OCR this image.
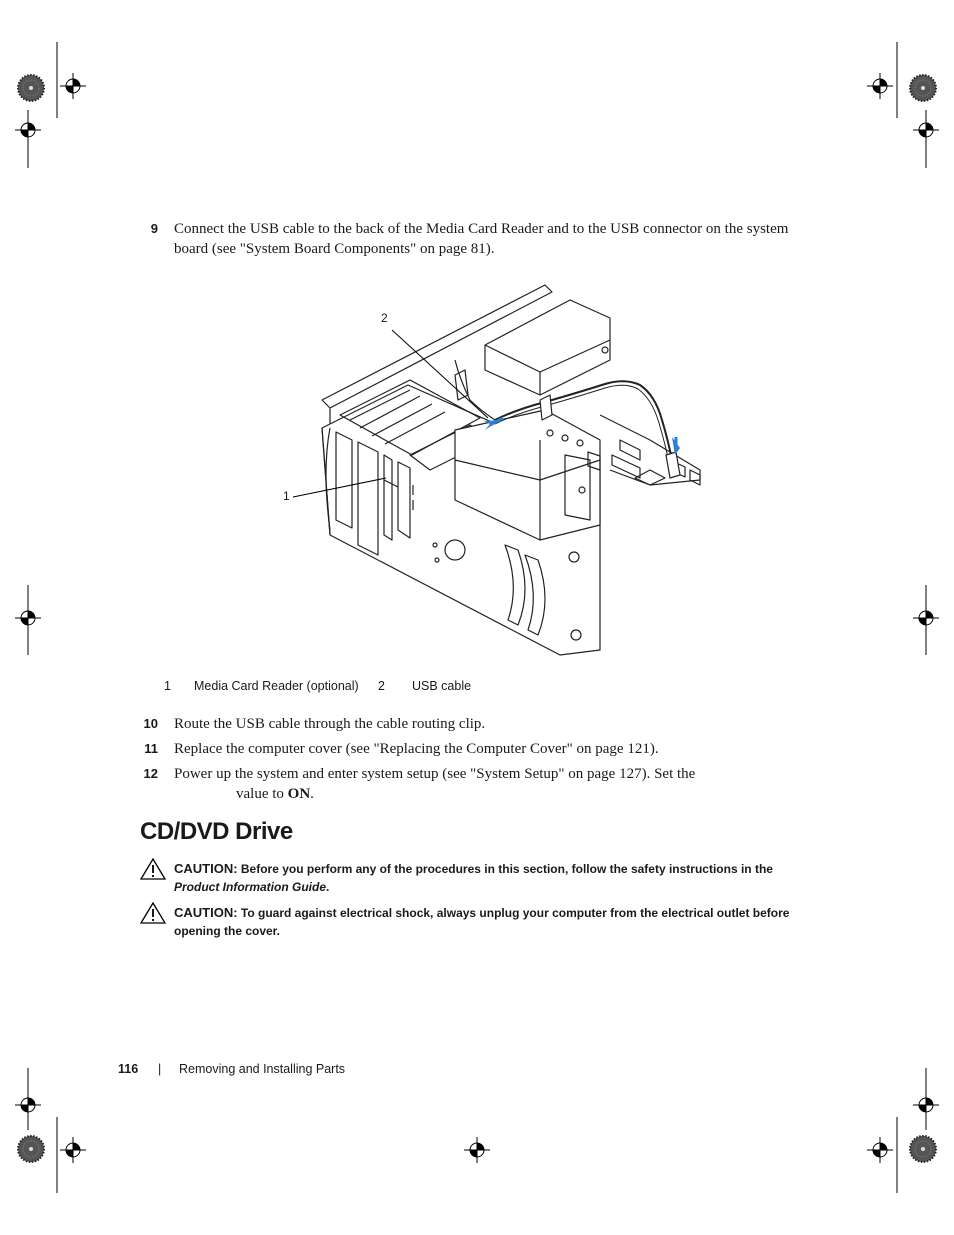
9 Connect the USB cable to the back of the Media Card Reader and to the USB connector on the system board (see "System Board Components" on page 81).
2
1
1 Media Card Reader (optional) 2 USB cable
10 Route the USB cable through the cable routing clip.
11 Replace the computer cover (see "Replacing the Computer Cover" on page 121).
12 Power up the system and enter system setup (see "System Setup" on page 127). Set the
value to ON.
CD/DVD Drive
CAUTION: Before you perform any of the procedures in this section, follow the safety instructions in the Product Information Guide.
CAUTION: To guard against electrical shock, always unplug your computer from the electrical outlet before opening the cover.
116 | Removing and Installing Parts
